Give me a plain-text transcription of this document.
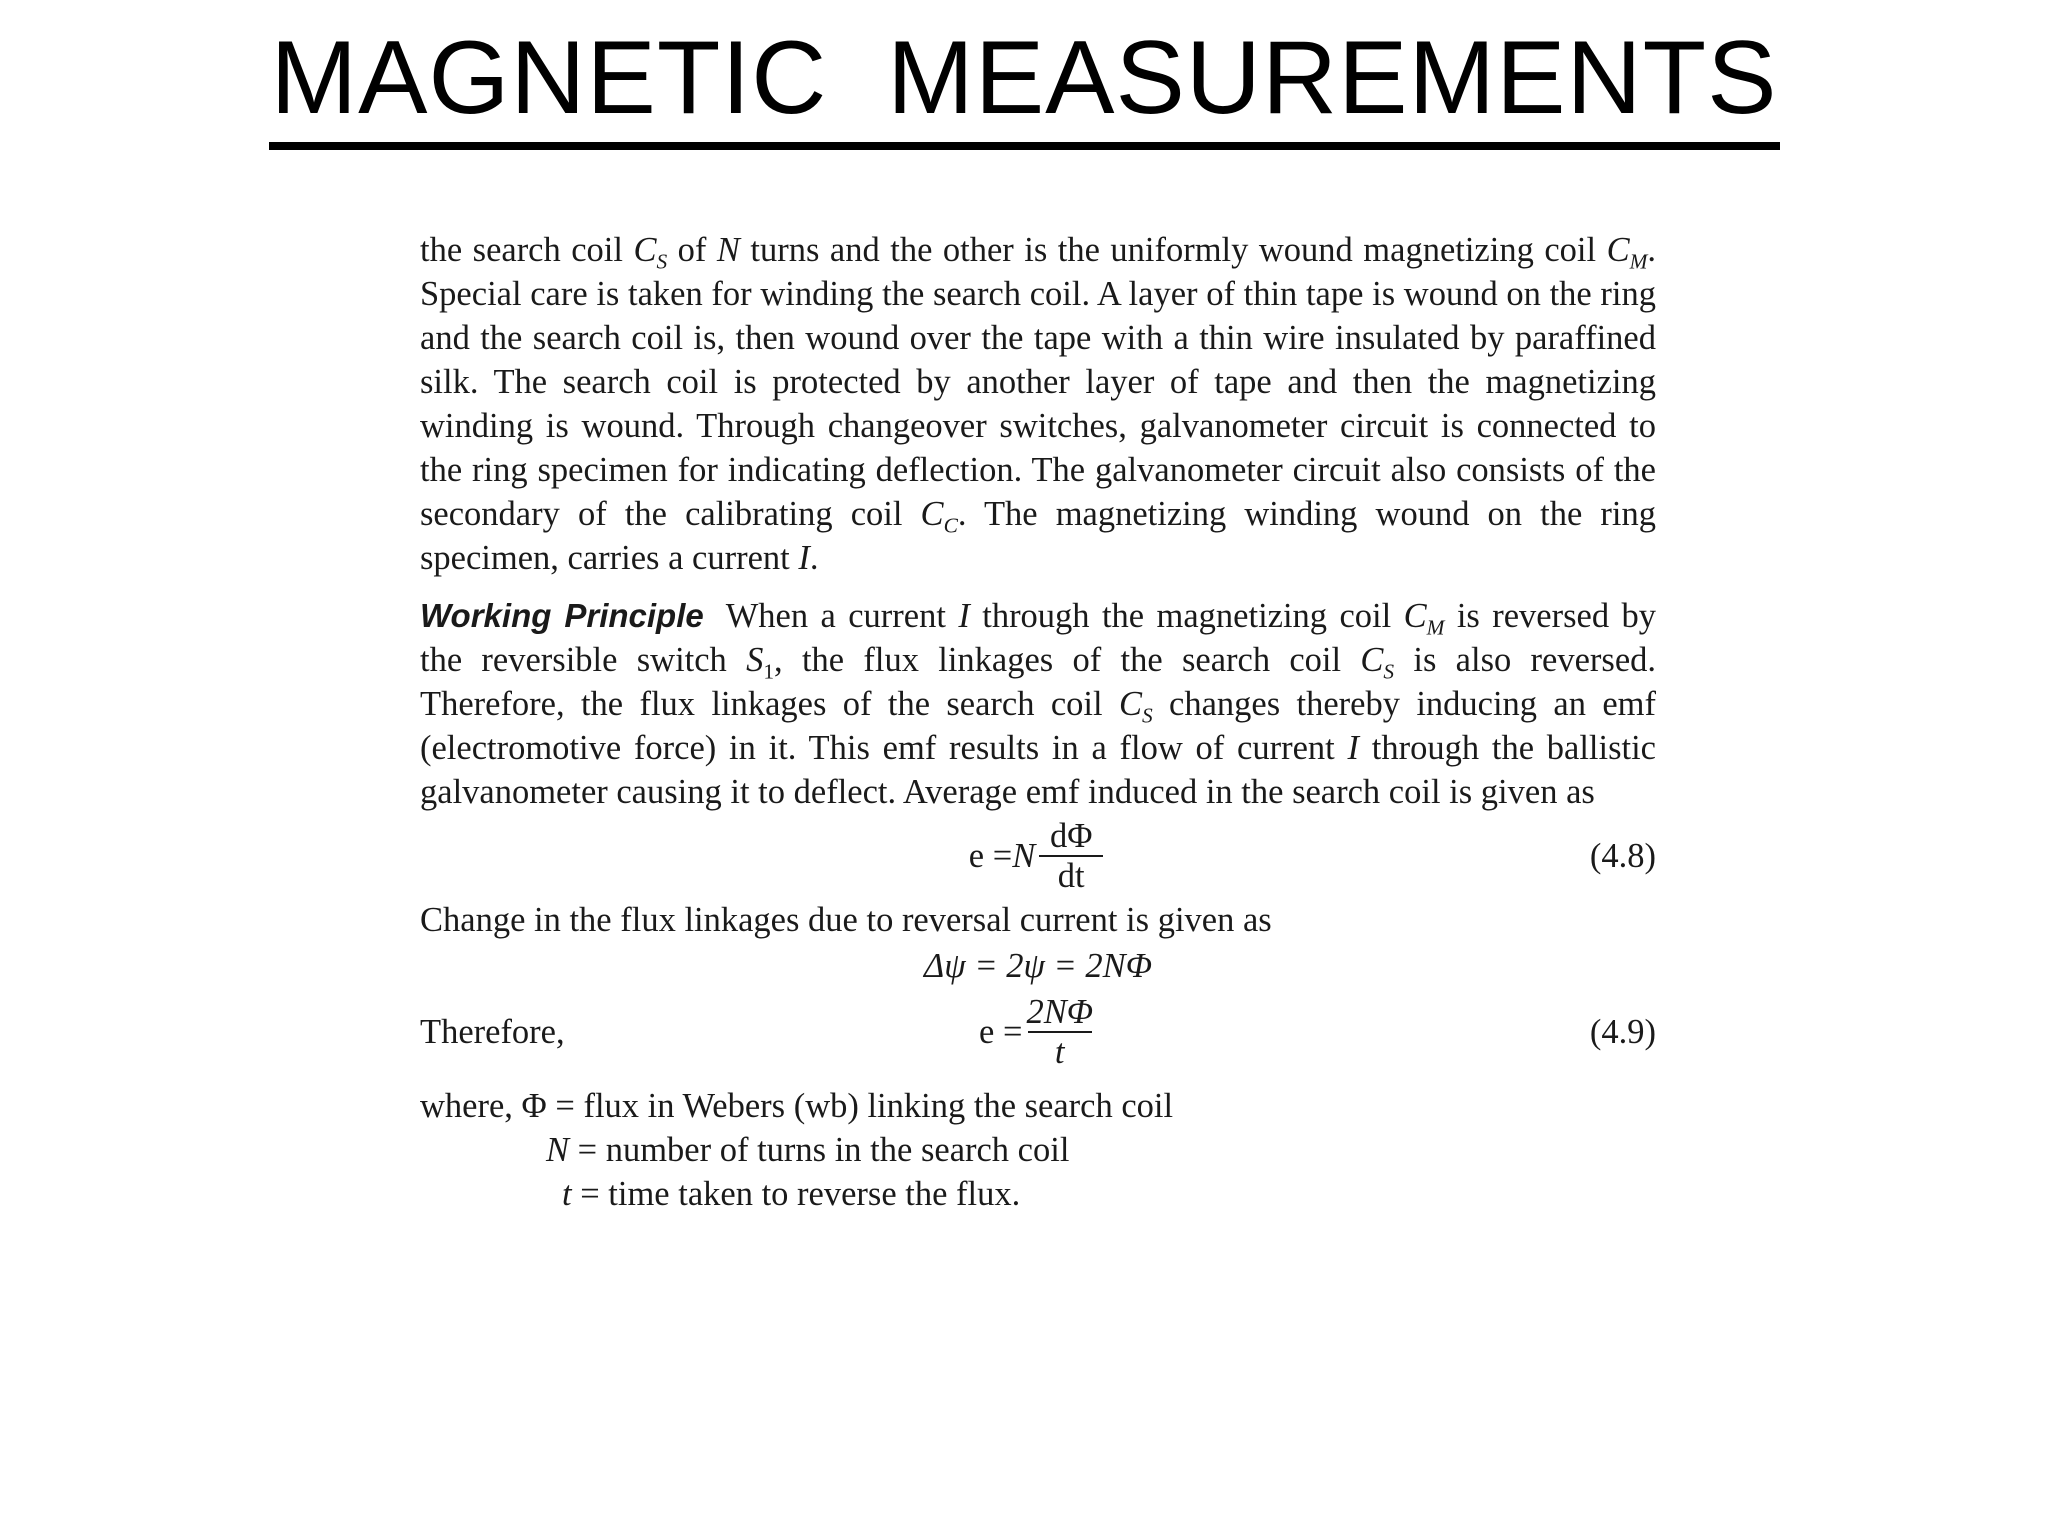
MAGNETIC  MEASUREMENTS

the search coil $C_S$ of N turns and the other is the uniformly wound magnetizing coil $C_M$. Special care is taken for winding the search coil. A layer of thin tape is wound on the ring and the search coil is, then wound over the tape with a thin wire insulated by paraffined silk. The search coil is protected by another layer of tape and then the magnetizing winding is wound. Through changeover switches, galvanometer circuit is connected to the ring specimen for indicating deflection. The galvanometer circuit also consists of the secondary of the calibrating coil $C_C$. The magnetizing winding wound on the ring specimen, carries a current I.

Working Principle When a current I through the magnetizing coil $C_M$ is reversed by the reversible switch $S_1$, the flux linkages of the search coil $C_S$ is also reversed. Therefore, the flux linkages of the search coil $C_S$ changes thereby inducing an emf (electromotive force) in it. This emf results in a flow of current I through the ballistic galvanometer causing it to deflect. Average emf induced in the search coil is given as

e = N $\frac{d\Phi}{dt}$	(4.8)

Change in the flux linkages due to reversal current is given as

Δψ = 2ψ = 2NΦ
Therefore,	$e = \frac{2N\Phi}{t}$	(4.9)
where, Φ = flux in Webers (wb) linking the search coil
N = number of turns in the search coil
t = time taken to reverse the flux.
